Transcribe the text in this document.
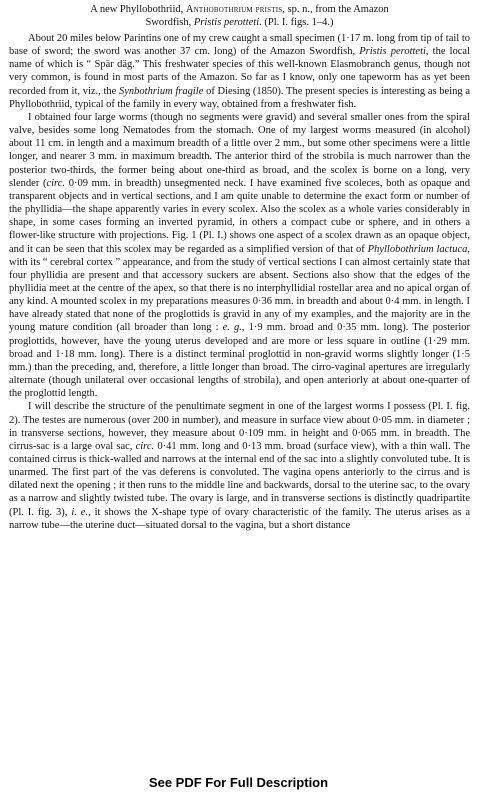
A new Phyllobothriid, Anthobothrium pristis, sp. n., from the Amazon
Swordfish, Pristis perotteti. (Pl. I. figs. 1–4.)

About 20 miles below Parintins one of my crew caught a small specimen (1·17 m. long from tip of tail to base of sword; the sword was another 37 cm. long) of the Amazon Swordfish, Pristis perotteti, the local name of which is “ Spär däg.” This freshwater species of this well-known Elasmobranch genus, though not very common, is found in most parts of the Amazon. So far as I know, only one tapeworm has as yet been recorded from it, viz., the Synbothrium fragile of Diesing (1850). The present species is interesting as being a Phyllobothriid, typical of the family in every way, obtained from a freshwater fish.

I obtained four large worms (though no segments were gravid) and several smaller ones from the spiral valve, besides some long Nematodes from the stomach. One of my largest worms measured (in alcohol) about 11 cm. in length and a maximum breadth of a little over 2 mm., but some other specimens were a little longer, and nearer 3 mm. in maximum breadth. The anterior third of the strobila is much narrower than the posterior two-thirds, the former being about one-third as broad, and the scolex is borne on a long, very slender (circ. 0·09 mm. in breadth) unsegmented neck. I have examined five scoleces, both as opaque and transparent objects and in vertical sections, and I am quite unable to determine the exact form or number of the phyllidia—the shape apparently varies in every scolex. Also the scolex as a whole varies considerably in shape, in some cases forming an inverted pyramid, in others a compact cube or sphere, and in others a flower-like structure with projections. Fig. 1 (Pl. I.) shows one aspect of a scolex drawn as an opaque object, and it can be seen that this scolex may be regarded as a simplified version of that of Phyllobothrium lactuca, with its “ cerebral cortex ” appearance, and from the study of vertical sections I can almost certainly state that four phyllidia are present and that accessory suckers are absent. Sections also show that the edges of the phyllidia meet at the centre of the apex, so that there is no interphyllidial rostellar area and no apical organ of any kind. A mounted scolex in my preparations measures 0·36 mm. in breadth and about 0·4 mm. in length. I have already stated that none of the proglottids is gravid in any of my examples, and the majority are in the young mature condition (all broader than long : e. g., 1·9 mm. broad and 0·35 mm. long). The posterior proglottids, however, have the young uterus developed and are more or less square in outline (1·29 mm. broad and 1·18 mm. long). There is a distinct terminal proglottid in non-gravid worms slightly longer (1·5 mm.) than the preceding, and, therefore, a little longer than broad. The cirro-vaginal apertures are irregularly alternate (though unilateral over occasional lengths of strobila), and open anteriorly at about one-quarter of the proglottid length.

I will describe the structure of the penultimate segment in one of the largest worms I possess (Pl. I. fig. 2). The testes are numerous (over 200 in number), and measure in surface view about 0·05 mm. in diameter ; in transverse sections, however, they measure about 0·109 mm. in height and 0·065 mm. in breadth. The cirrus-sac is a large oval sac, circ. 0·41 mm. long and 0·13 mm. broad (surface view), with a thin wall. The contained cirrus is thick-walled and narrows at the internal end of the sac into a slightly convoluted tube. It is unarmed. The first part of the vas deferens is convoluted. The vagina opens anteriorly to the cirrus and is dilated next the opening ; it then runs to the middle line and backwards, dorsal to the uterine sac, to the ovary as a narrow and slightly twisted tube. The ovary is large, and in transverse sections is distinctly quadripartite (Pl. I. fig. 3), i. e., it shows the X-shape type of ovary characteristic of the family. The uterus arises as a narrow tube—the uterine duct—situated dorsal to the vagina, but a short distance

See PDF For Full Description
